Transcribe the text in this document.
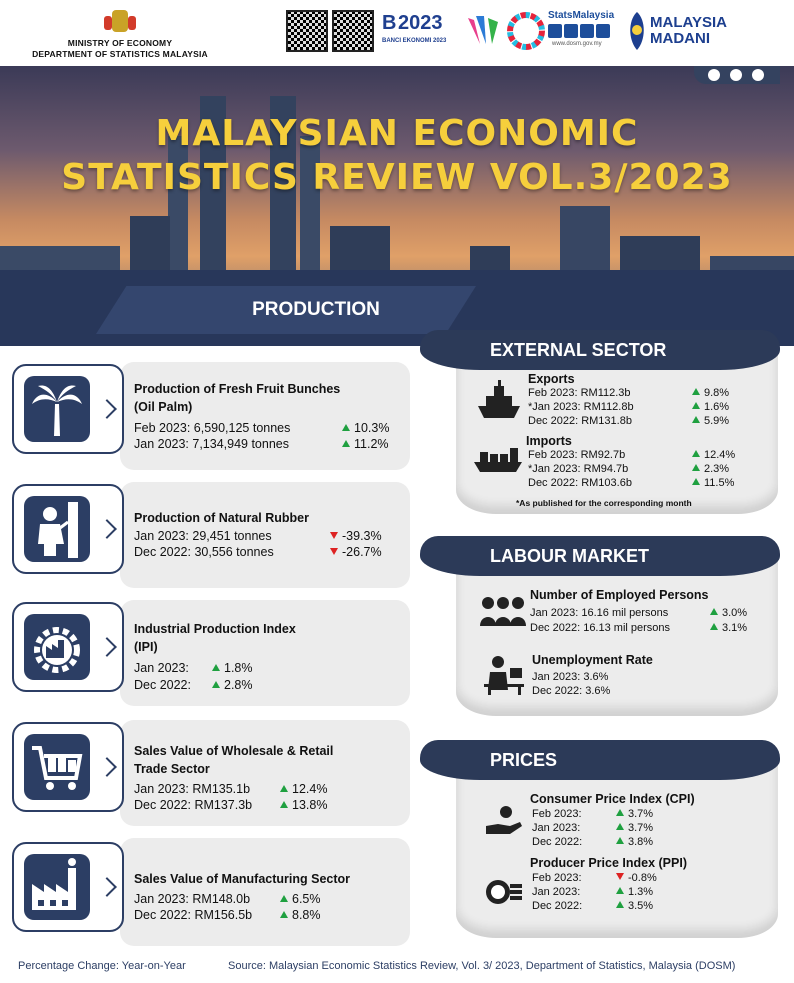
MINISTRY OF ECONOMY
DEPARTMENT OF STATISTICS MALAYSIA
B 2023
BANCI EKONOMI 2023
StatsMalaysia
www.dosm.gov.my
MALAYSIA
MADANI
MALAYSIAN ECONOMIC
STATISTICS REVIEW VOL.3/2023
PRODUCTION
Production of Fresh Fruit Bunches
(Oil Palm)
Feb 2023: 6,590,125 tonnes	10.3%
Jan 2023: 7,134,949 tonnes	11.2%
Production of Natural Rubber
Jan 2023: 29,451 tonnes	-39.3%
Dec 2022: 30,556 tonnes	-26.7%
Industrial Production Index
(IPI)
Jan 2023:	1.8%
Dec 2022:	2.8%
Sales Value of Wholesale & Retail
Trade Sector
Jan 2023: RM135.1b	12.4%
Dec 2022: RM137.3b	13.8%
Sales Value of Manufacturing Sector
Jan 2023: RM148.0b	6.5%
Dec 2022: RM156.5b	8.8%
EXTERNAL SECTOR
Exports
Feb 2023: RM112.3b	9.8%
*Jan 2023: RM112.8b	1.6%
Dec 2022: RM131.8b	5.9%
Imports
Feb 2023: RM92.7b	12.4%
*Jan 2023: RM94.7b	2.3%
Dec 2022: RM103.6b	11.5%
*As published for the corresponding month
LABOUR MARKET
Number of Employed Persons
Jan 2023: 16.16 mil persons	3.0%
Dec 2022: 16.13 mil persons	3.1%
Unemployment Rate
Jan 2023: 3.6%
Dec 2022: 3.6%
PRICES
Consumer Price Index (CPI)
Feb 2023:	3.7%
Jan 2023:	3.7%
Dec 2022:	3.8%
Producer Price Index (PPI)
Feb 2023:	-0.8%
Jan 2023:	1.3%
Dec 2022:	3.5%
Percentage Change: Year-on-Year	Source: Malaysian Economic Statistics Review, Vol. 3/ 2023, Department of Statistics, Malaysia (DOSM)
